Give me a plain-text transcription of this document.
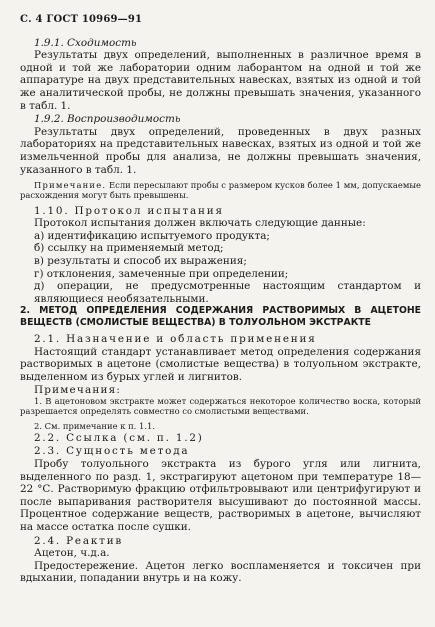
С. 4 ГОСТ 10969—91

1.9.1. Сходимость

Результаты двух определений, выполненных в различное время в одной и той же лаборатории одним лаборантом на одной и той же аппаратуре на двух представительных навесках, взятых из одной и той же аналитической пробы, не должны превышать значения, указанного в табл. 1.

1.9.2. Воспроизводимость

Результаты двух определений, проведенных в двух разных лабораториях на представительных навесках, взятых из одной и той же измельченной пробы для анализа, не должны превышать значения, указанного в табл. 1.

Примечание. Если пересылают пробы с размером кусков более 1 мм, допускаемые расхождения могут быть превышены.

1.10. Протокол испытания

Протокол испытания должен включать следующие данные:

а) идентификацию испытуемого продукта;

б) ссылку на применяемый метод;

в) результаты и способ их выражения;

г) отклонения, замеченные при определении;

д) операции, не предусмотренные настоящим стандартом и являющиеся необязательными.

2. МЕТОД ОПРЕДЕЛЕНИЯ СОДЕРЖАНИЯ РАСТВОРИМЫХ В АЦЕТОНЕ ВЕЩЕСТВ (СМОЛИСТЫЕ ВЕЩЕСТВА) В ТОЛУОЛЬНОМ ЭКСТРАКТЕ

2.1. Назначение и область применения

Настоящий стандарт устанавливает метод определения содержания растворимых в ацетоне (смолистые вещества) в толуольном экстракте, выделенном из бурых углей и лигнитов.

Примечания:

1. В ацетоновом экстракте может содержаться некоторое количество воска, который разрешается определять совместно со смолистыми веществами.

2. См. примечание к п. 1.1.

2.2. Ссылка (см. п. 1.2)

2.3. Сущность метода

Пробу толуольного экстракта из бурого угля или лигнита, выделенного по разд. 1, экстрагируют ацетоном при температуре 18—22 °С. Растворимую фракцию отфильтровывают или центрифугируют и после выпаривания растворителя высушивают до постоянной массы. Процентное содержание веществ, растворимых в ацетоне, вычисляют на массе остатка после сушки.

2.4. Реактив

Ацетон, ч.д.а.

Предостережение. Ацетон легко воспламеняется и токсичен при вдыхании, попадании внутрь и на кожу.
